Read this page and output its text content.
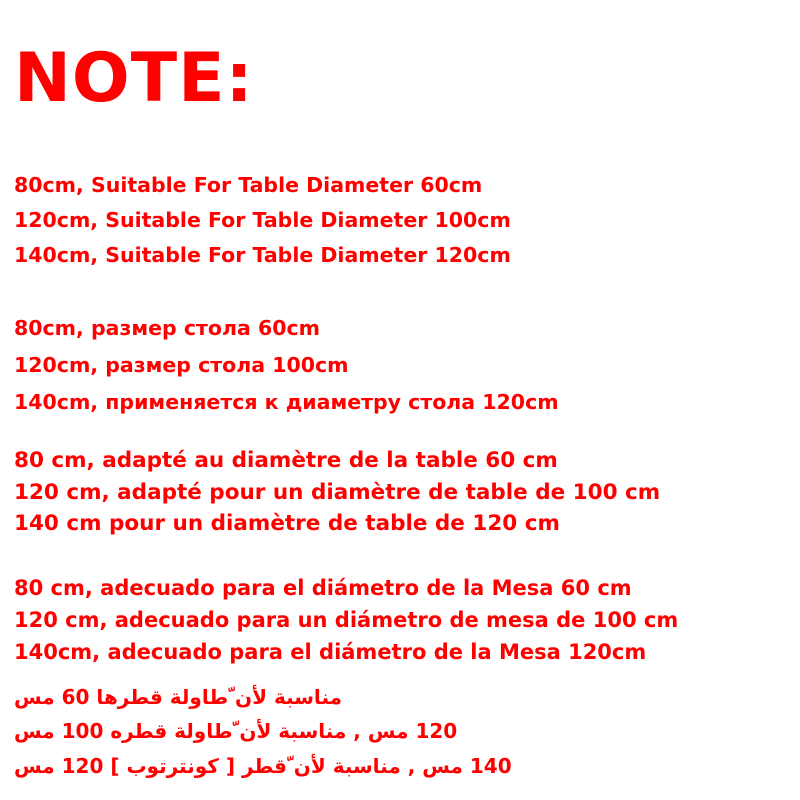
NOTE:

80cm, Suitable For Table Diameter 60cm

120cm, Suitable For Table Diameter 100cm

140cm, Suitable For Table Diameter 120cm

80cm, размер стола 60cm

120cm, размер стола 100cm

140cm, применяется к диаметру стола 120cm

80 cm, adapté au diamètre de la table 60 cm

120 cm, adapté pour un diamètre de table de 100 cm

140 cm pour un diamètre de table de 120 cm

80 cm, adecuado para el diámetro de la Mesa 60 cm

120 cm, adecuado para un diámetro de mesa de 100 cm

140cm, adecuado para el diámetro de la Mesa 120cm

مناسبة لأن ّطاولة قطرها 60 مس

120 مس , مناسبة لأن ّطاولة قطره 100 مس

140 مس , مناسبة لأن ّقطر [ كونترتوب ] 120 مس
